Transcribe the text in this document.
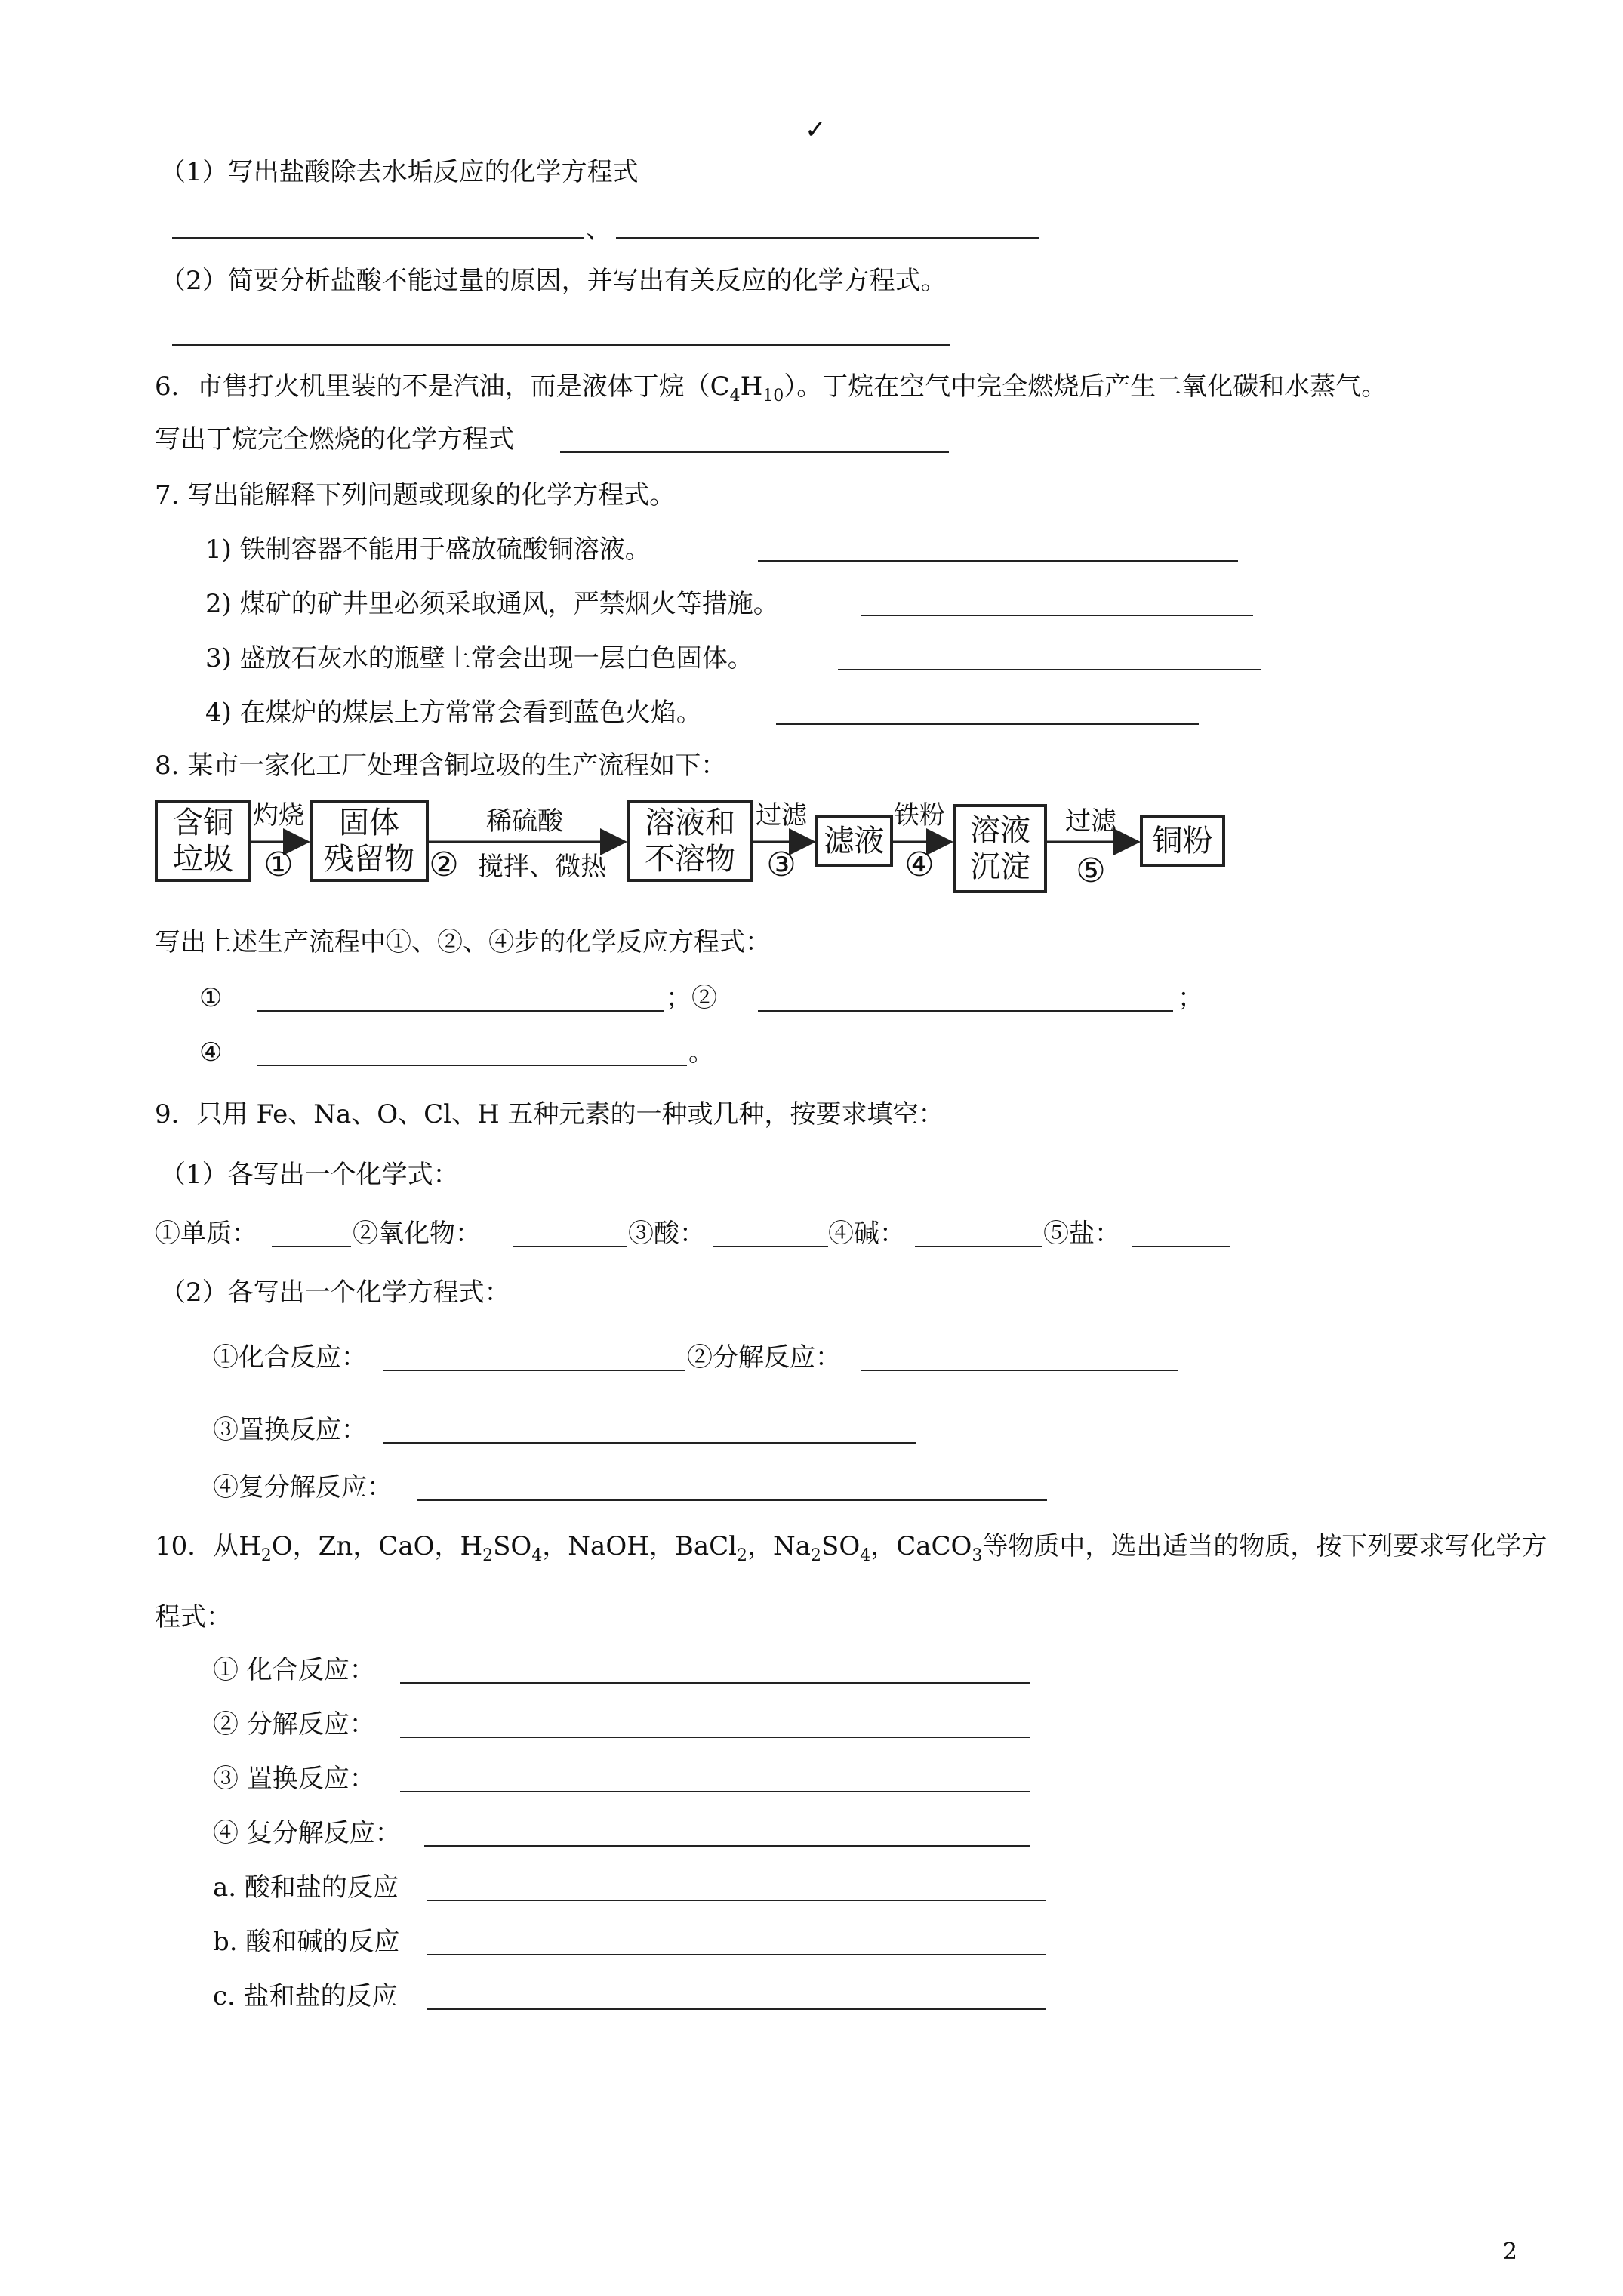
✓
（1）写出盐酸除去水垢反应的化学方程式
、
（2）简要分析盐酸不能过量的原因，并写出有关反应的化学方程式。
6．市售打火机里装的不是汽油，而是液体丁烷$(C_4H_{10})$。丁烷在空气中完全燃烧后产生二氧化碳和水蒸气。
写出丁烷完全燃烧的化学方程式
7. 写出能解释下列问题或现象的化学方程式。
1) 铁制容器不能用于盛放硫酸铜溶液。
2) 煤矿的矿井里必须采取通风，严禁烟火等措施。
3) 盛放石灰水的瓶壁上常会出现一层白色固体。
4) 在煤炉的煤层上方常常会看到蓝色火焰。
8. 某市一家化工厂处理含铜垃圾的生产流程如下：
含铜
垃圾
固体
残留物
溶液和
不溶物
滤液	溶液
沉淀
铜粉
灼烧
①
稀硫酸
② 搅拌、微热
过滤
③
铁粉
④
过滤
⑤
写出上述生产流程中①、②、④步的化学反应方程式：
①	；②	；
④	。
9．只用 Fe、Na、O、Cl、H 五种元素的一种或几种，按要求填空：
（1）各写出一个化学式：
①单质：	②氧化物：	③酸：	④碱：	⑤盐：
（2）各写出一个化学方程式：
①化合反应：	②分解反应：
③置换反应：
④复分解反应：
10．从$H_2O$，Zn，CaO，$H_2SO_4$，NaOH，BaCl$_2$，$Na_2SO_4$，CaCO$_3$等物质中，选出适当的物质，按下列要求写化学方
程式：
① 化合反应：
② 分解反应：
③ 置换反应：
④ 复分解反应：
a. 酸和盐的反应
b. 酸和碱的反应
c. 盐和盐的反应
2
